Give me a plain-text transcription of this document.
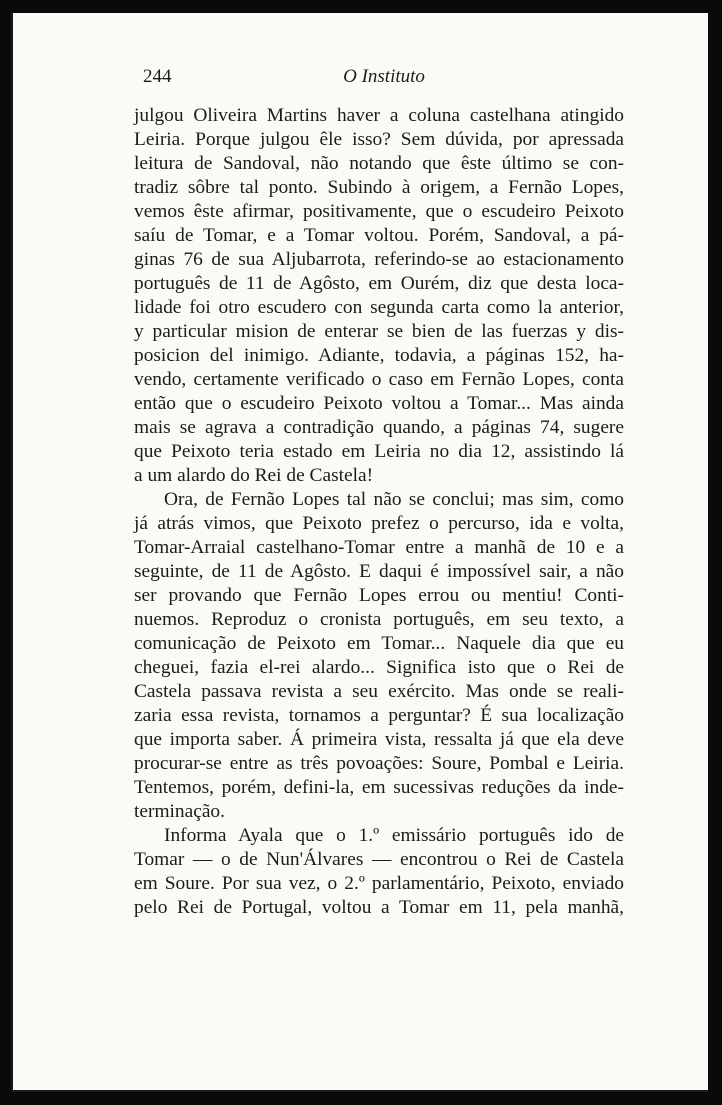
244	O Instituto
julgou Oliveira Martins haver a coluna castelhana atingido
Leiria. Porque julgou êle isso? Sem dúvida, por apressada
leitura de Sandoval, não notando que êste último se con-
tradiz sôbre tal ponto. Subindo à origem, a Fernão Lopes,
vemos êste afirmar, positivamente, que o escudeiro Peixoto
saíu de Tomar, e a Tomar voltou. Porém, Sandoval, a pá-
ginas 76 de sua Aljubarrota, referindo-se ao estacionamento
português de 11 de Agôsto, em Ourém, diz que desta loca-
lidade foi otro escudero con segunda carta como la anterior,
y particular mision de enterar se bien de las fuerzas y dis-
posicion del inimigo. Adiante, todavia, a páginas 152, ha-
vendo, certamente verificado o caso em Fernão Lopes, conta
então que o escudeiro Peixoto voltou a Tomar... Mas ainda
mais se agrava a contradição quando, a páginas 74, sugere
que Peixoto teria estado em Leiria no dia 12, assistindo lá
a um alardo do Rei de Castela!
Ora, de Fernão Lopes tal não se conclui; mas sim, como
já atrás vimos, que Peixoto prefez o percurso, ida e volta,
Tomar-Arraial castelhano-Tomar entre a manhã de 10 e a
seguinte, de 11 de Agôsto. E daqui é impossível sair, a não
ser provando que Fernão Lopes errou ou mentiu! Conti-
nuemos. Reproduz o cronista português, em seu texto, a
comunicação de Peixoto em Tomar... Naquele dia que eu
cheguei, fazia el-rei alardo... Significa isto que o Rei de
Castela passava revista a seu exército. Mas onde se reali-
zaria essa revista, tornamos a perguntar? É sua localização
que importa saber. Á primeira vista, ressalta já que ela deve
procurar-se entre as três povoações: Soure, Pombal e Leiria.
Tentemos, porém, defini-la, em sucessivas reduções da inde-
terminação.
Informa Ayala que o 1.º emissário português ido de
Tomar — o de Nun'Álvares — encontrou o Rei de Castela
em Soure. Por sua vez, o 2.º parlamentário, Peixoto, enviado
pelo Rei de Portugal, voltou a Tomar em 11, pela manhã,
